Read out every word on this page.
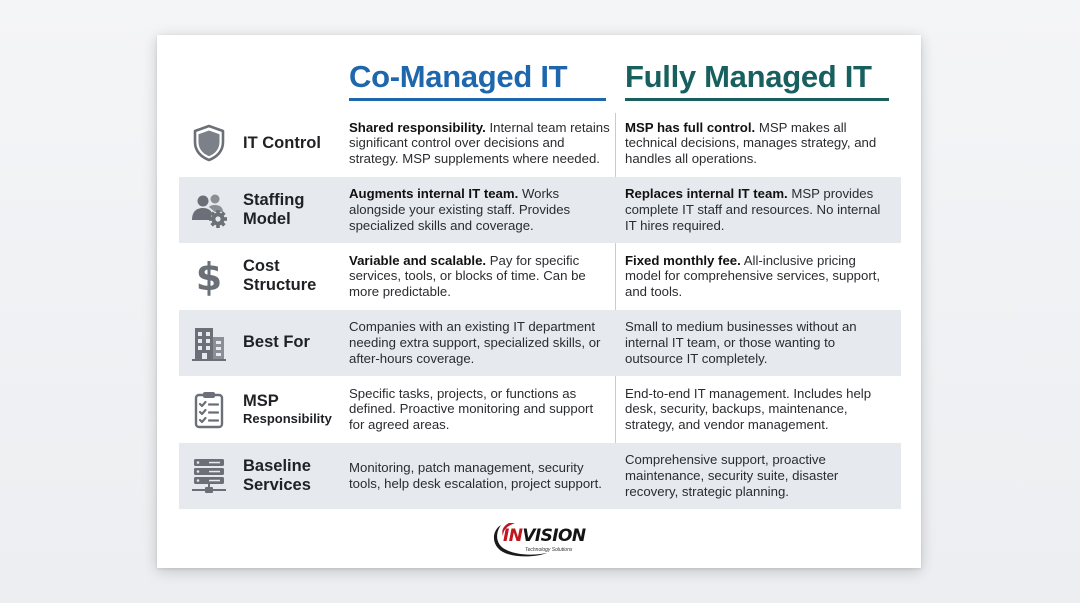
Co-Managed IT Fully Managed IT
IT Control

Shared responsibility. Internal team retains significant control over decisions and strategy. MSP supplements where needed.

MSP has full control. MSP makes all technical decisions, manages strategy, and handles all operations.

Staffing Model

Augments internal IT team. Works alongside your existing staff. Provides specialized skills and coverage.

Replaces internal IT team. MSP provides complete IT staff and resources. No internal IT hires required.

$ Cost Structure

Variable and scalable. Pay for specific services, tools, or blocks of time. Can be more predictable.

Fixed monthly fee. All-inclusive pricing model for comprehensive services, support, and tools.

Best For

Companies with an existing IT department needing extra support, specialized skills, or after-hours coverage.

Small to medium businesses without an internal IT team, or those wanting to outsource IT completely.

MSP
Responsibility

Specific tasks, projects, or functions as defined. Proactive monitoring and support for agreed areas.

End-to-end IT management. Includes help desk, security, backups, maintenance, strategy, and vendor management.

Baseline Services

Monitoring, patch management, security tools, help desk escalation, project support.

Comprehensive support, proactive maintenance, security suite, disaster recovery, strategic planning.

INVISION
Technology Solutions
